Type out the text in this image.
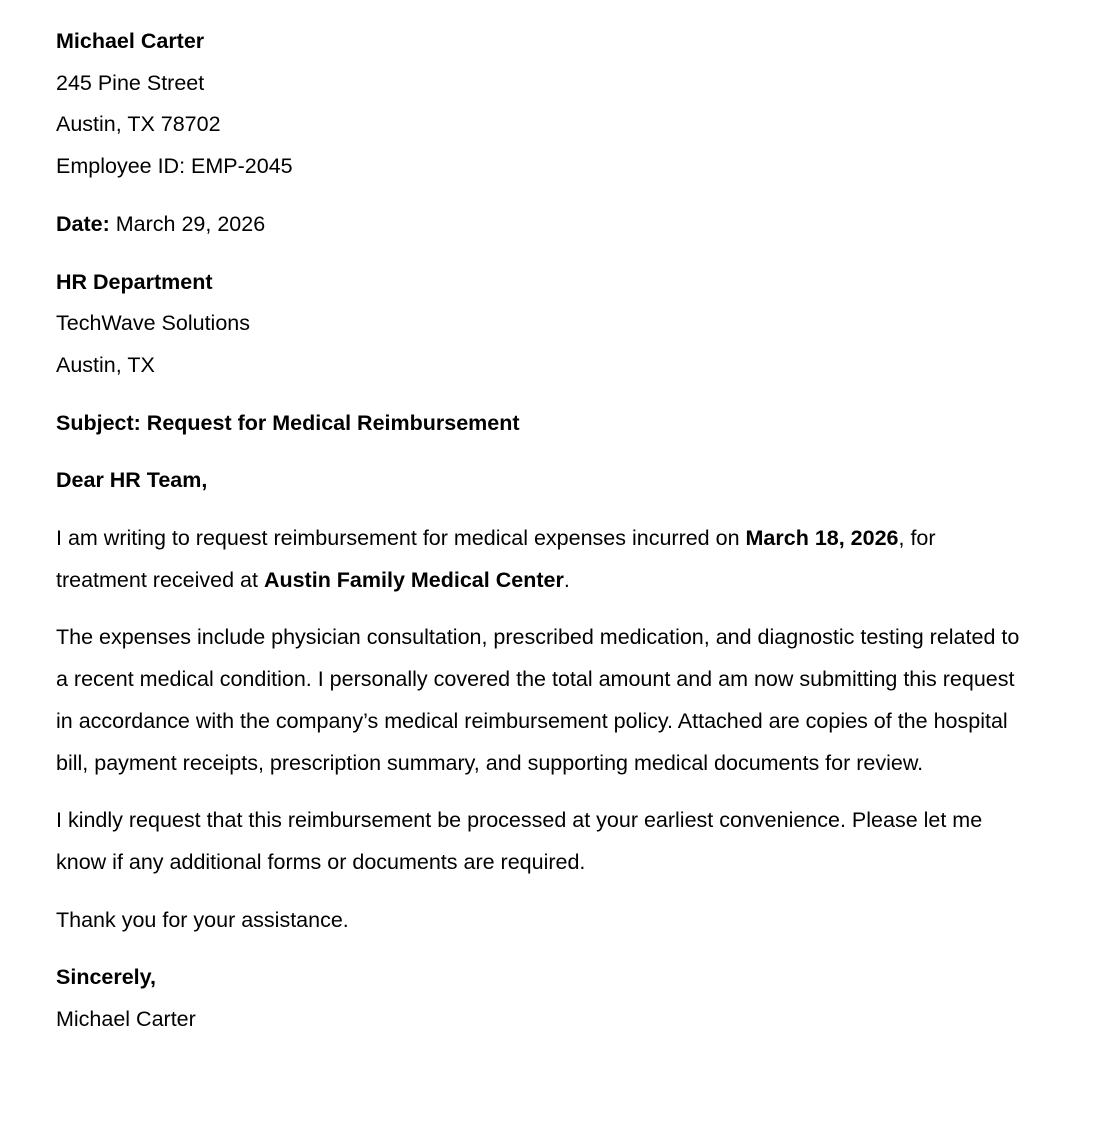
Michael Carter
245 Pine Street
Austin, TX 78702
Employee ID: EMP-2045
Date: March 29, 2026
HR Department
TechWave Solutions
Austin, TX
Subject: Request for Medical Reimbursement
Dear HR Team,

I am writing to request reimbursement for medical expenses incurred on March 18, 2026, for treatment received at Austin Family Medical Center.

The expenses include physician consultation, prescribed medication, and diagnostic testing related to a recent medical condition. I personally covered the total amount and am now submitting this request in accordance with the company’s medical reimbursement policy. Attached are copies of the hospital bill, payment receipts, prescription summary, and supporting medical documents for review.

I kindly request that this reimbursement be processed at your earliest convenience. Please let me know if any additional forms or documents are required.

Thank you for your assistance.

Sincerely,
Michael Carter
